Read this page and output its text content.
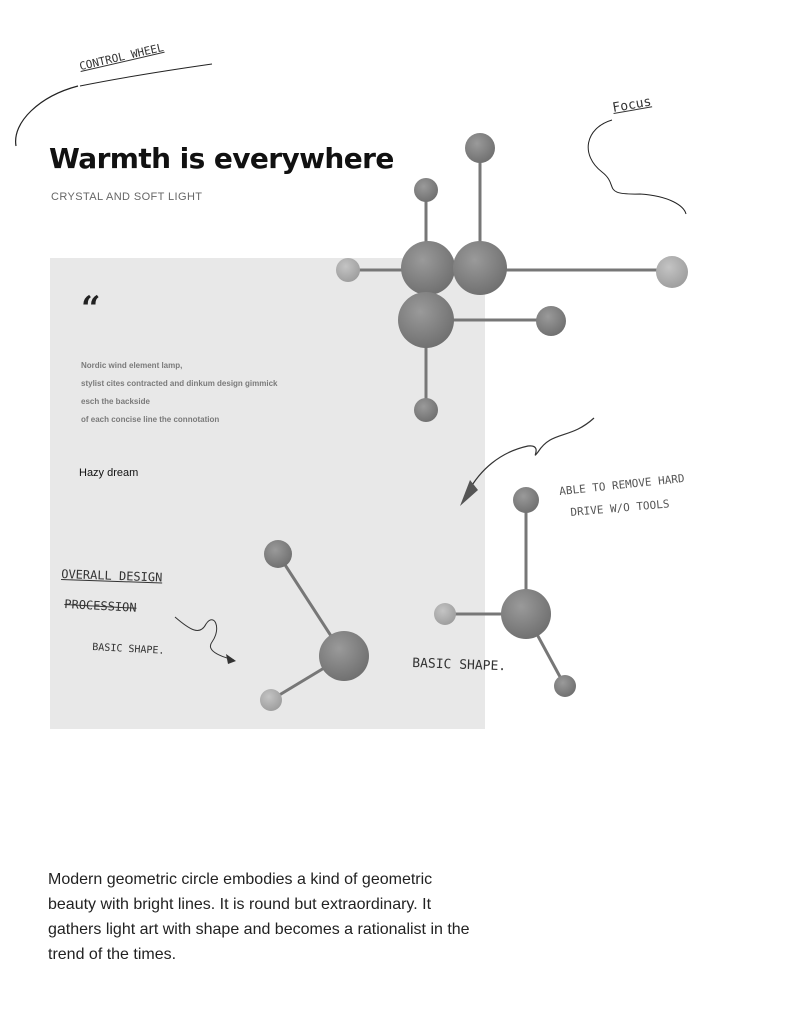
Warmth is everywhere
CRYSTAL AND SOFT LIGHT
“
Nordic wind element lamp,
stylist cites contracted and dinkum design gimmick
esch the backside
of each concise line the connotation
Hazy dream
CONTROL WHEEL
Focus
ABLE TO REMOVE HARD
DRIVE W/O TOOLS
OVERALL DESIGN
PROCESSION
BASIC SHAPE.
BASIC SHAPE.
Modern geometric circle embodies a kind of geometric beauty with bright lines. It is round but extraordinary. It gathers light art with shape and becomes a rationalist in the trend of the times.
